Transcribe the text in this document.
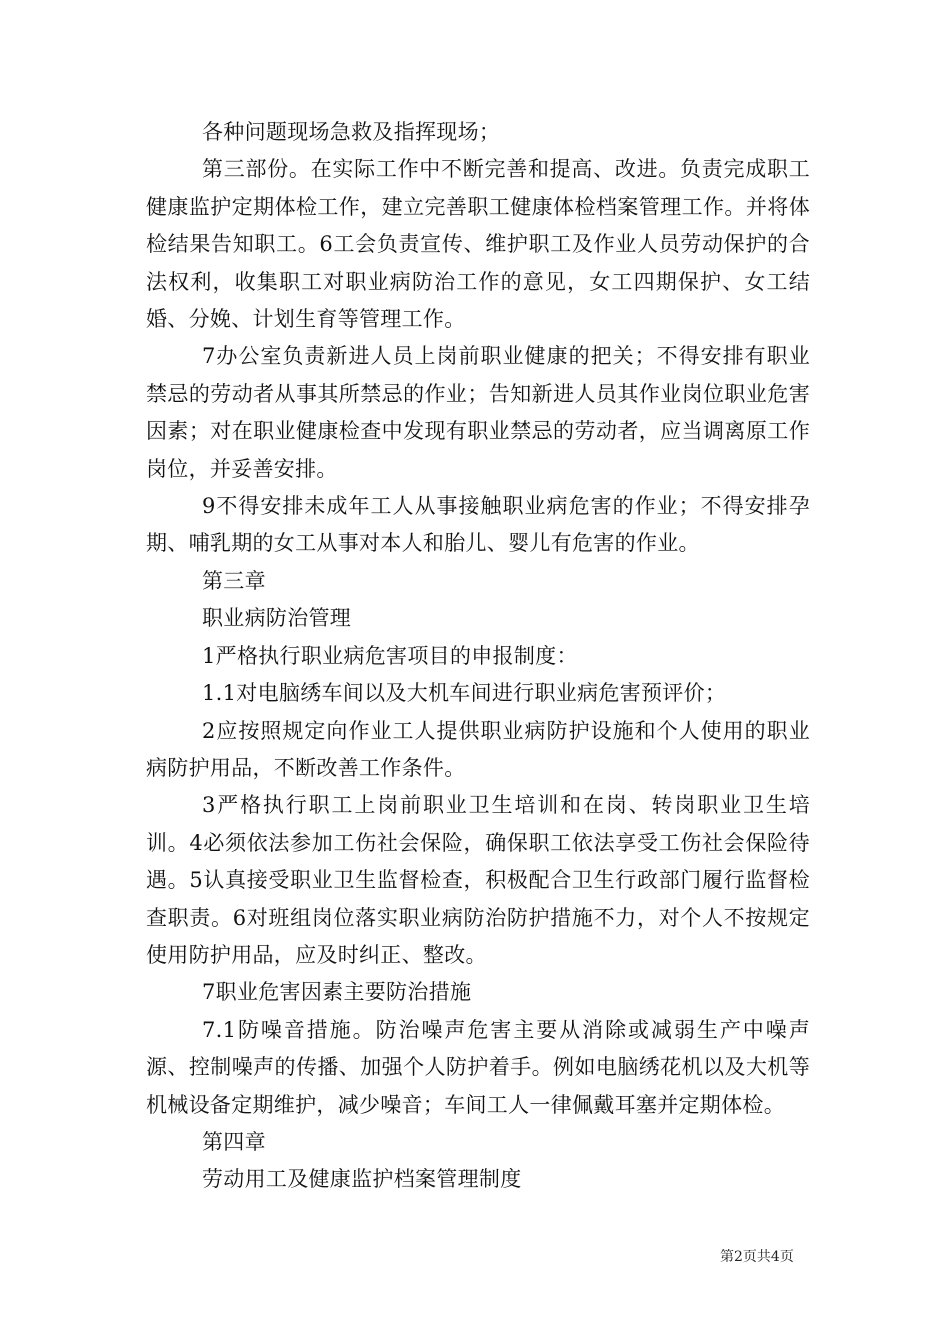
各种问题现场急救及指挥现场；

第三部份。在实际工作中不断完善和提高、改进。负责完成职工健康监护定期体检工作，建立完善职工健康体检档案管理工作。并将体检结果告知职工。6工会负责宣传、维护职工及作业人员劳动保护的合法权利，收集职工对职业病防治工作的意见，女工四期保护、女工结婚、分娩、计划生育等管理工作。

7办公室负责新进人员上岗前职业健康的把关；不得安排有职业禁忌的劳动者从事其所禁忌的作业；告知新进人员其作业岗位职业危害因素；对在职业健康检查中发现有职业禁忌的劳动者，应当调离原工作岗位，并妥善安排。

9不得安排未成年工人从事接触职业病危害的作业；不得安排孕期、哺乳期的女工从事对本人和胎儿、婴儿有危害的作业。

第三章

职业病防治管理

1严格执行职业病危害项目的申报制度：

1.1对电脑绣车间以及大机车间进行职业病危害预评价；

2应按照规定向作业工人提供职业病防护设施和个人使用的职业病防护用品，不断改善工作条件。

3严格执行职工上岗前职业卫生培训和在岗、转岗职业卫生培训。4必须依法参加工伤社会保险，确保职工依法享受工伤社会保险待遇。5认真接受职业卫生监督检查，积极配合卫生行政部门履行监督检查职责。6对班组岗位落实职业病防治防护措施不力，对个人不按规定使用防护用品，应及时纠正、整改。

7职业危害因素主要防治措施

7.1防噪音措施。防治噪声危害主要从消除或减弱生产中噪声源、控制噪声的传播、加强个人防护着手。例如电脑绣花机以及大机等机械设备定期维护，减少噪音；车间工人一律佩戴耳塞并定期体检。

第四章

劳动用工及健康监护档案管理制度

第2页共4页
